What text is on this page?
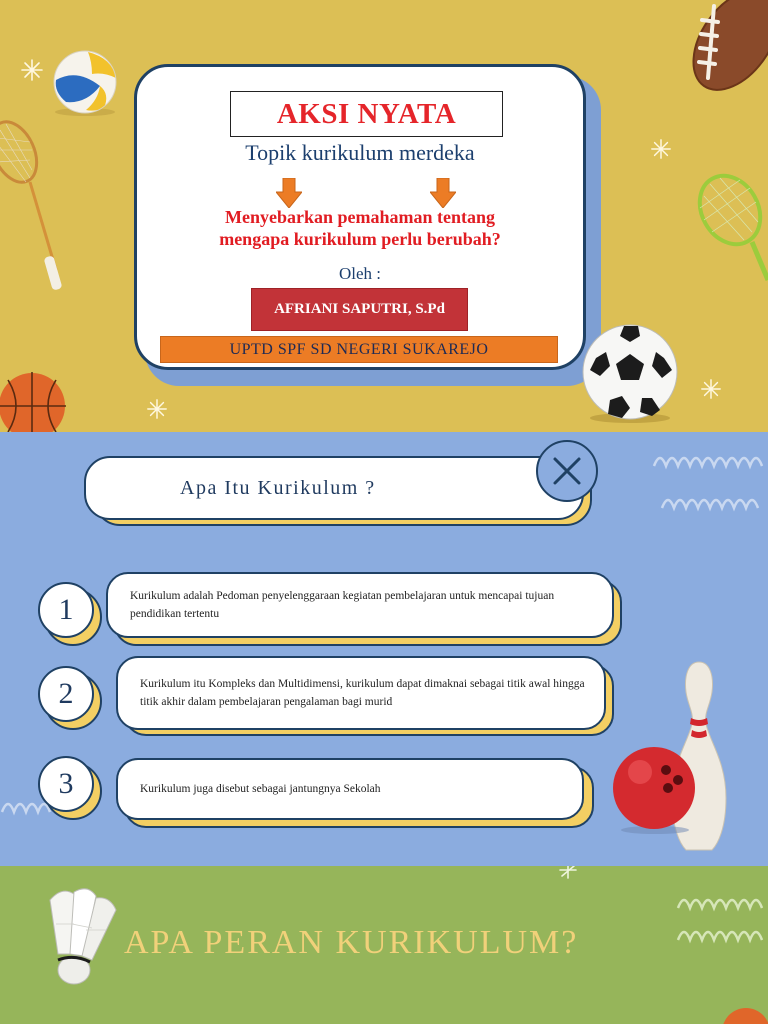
AKSI NYATA
Topik kurikulum merdeka
Menyebarkan pemahaman tentang
mengapa kurikulum perlu berubah?
Oleh :
AFRIANI SAPUTRI, S.Pd
UPTD SPF SD NEGERI SUKAREJO
Apa Itu Kurikulum ?
1	Kurikulum adalah Pedoman penyelenggaraan kegiatan pembelajaran untuk mencapai tujuan pendidikan tertentu
2	Kurikulum itu Kompleks dan Multidimensi, kurikulum dapat dimaknai sebagai titik awal hingga titik akhir dalam pembelajaran pengalaman bagi murid
3	Kurikulum juga disebut sebagai jantungnya Sekolah
APA PERAN KURIKULUM?
